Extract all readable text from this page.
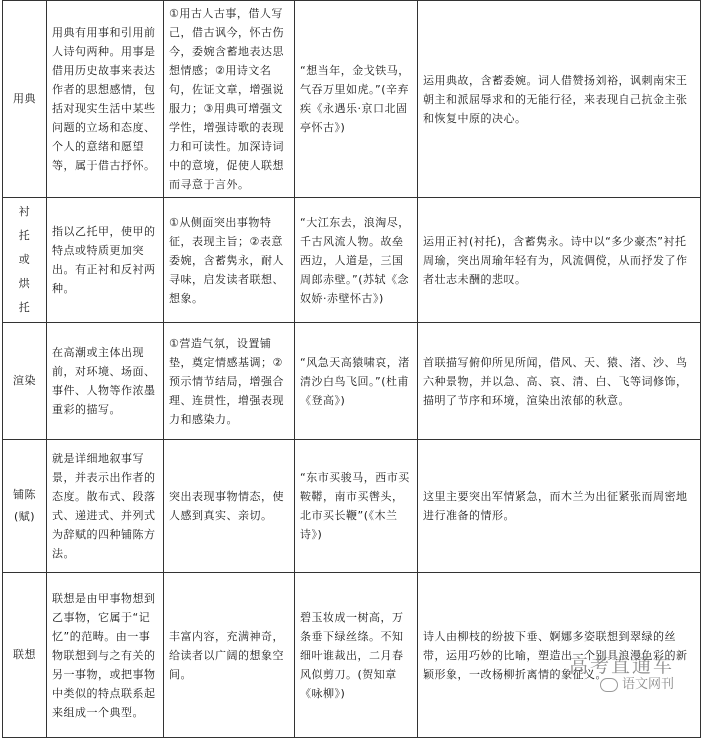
用典	用典有用事和引用前人诗句两种。用事是借用历史故事来表达作者的思想感情，包括对现实生活中某些问题的立场和态度、个人的意绪和愿望等，属于借古抒怀。	①用古人古事，借人写己，借古讽今，怀古伤今，委婉含蓄地表达思想情感；②用诗文名句，佐证文章，增强说服力；③用典可增强文学性，增强诗歌的表现力和可读性。加深诗词中的意境，促使人联想而寻意于言外。	“想当年，金戈铁马，气吞万里如虎。”(辛弃疾《永遇乐·京口北固亭怀古》)	运用典故，含蓄委婉。词人借赞扬刘裕，讽刺南宋王朝主和派屈辱求和的无能行径，来表现自己抗金主张和恢复中原的决心。

衬托或烘托	指以乙托甲，使甲的特点或特质更加突出。有正衬和反衬两种。	①从侧面突出事物特征，表现主旨；②表意委婉，含蓄隽永，耐人寻味，启发读者联想、想象。	“大江东去，浪淘尽，千古风流人物。故垒西边，人道是，三国周郎赤壁。”(苏轼《念奴娇·赤壁怀古》)	运用正衬(衬托)，含蓄隽永。诗中以“多少豪杰”衬托周瑜，突出周瑜年轻有为，风流倜傥，从而抒发了作者壮志未酬的悲叹。
渲染	在高潮或主体出现前，对环境、场面、事件、人物等作浓墨重彩的描写。	①营造气氛，设置铺垫，奠定情感基调；②预示情节结局，增强合理、连贯性，增强表现力和感染力。	“风急天高猿啸哀，渚清沙白鸟飞回。”(杜甫《登高》)	首联描写俯仰所见所闻，借风、天、猿、渚、沙、鸟六种景物，并以急、高、哀、清、白、飞等词修饰，描明了节序和环境，渲染出浓郁的秋意。
铺陈(赋)	就是详细地叙事写景，并表示出作者的态度。散布式、段落式、递进式、并列式为辞赋的四种铺陈方法。	突出表现事物情态，使人感到真实、亲切。	“东市买骏马，西市买鞍鞯，南市买辔头，北市买长鞭”(《木兰诗》)	这里主要突出军情紧急，而木兰为出征紧张而周密地进行准备的情形。
联想	联想是由甲事物想到乙事物，它属于“记忆”的范畴。由一事物联想到与之有关的另一事物，或把事物中类似的特点联系起来组成一个典型。	丰富内容，充满神奇，给读者以广阔的想象空间。	碧玉妆成一树高，万条垂下绿丝绦。不知细叶谁裁出，二月春风似剪刀。(贺知章《咏柳》)	诗人由柳枝的纷披下垂、婀娜多姿联想到翠绿的丝带，运用巧妙的比喻，塑造出一个别具浪漫色彩的新颖形象，一改杨柳折离情的象征义。
高考直通车
语文网刊
